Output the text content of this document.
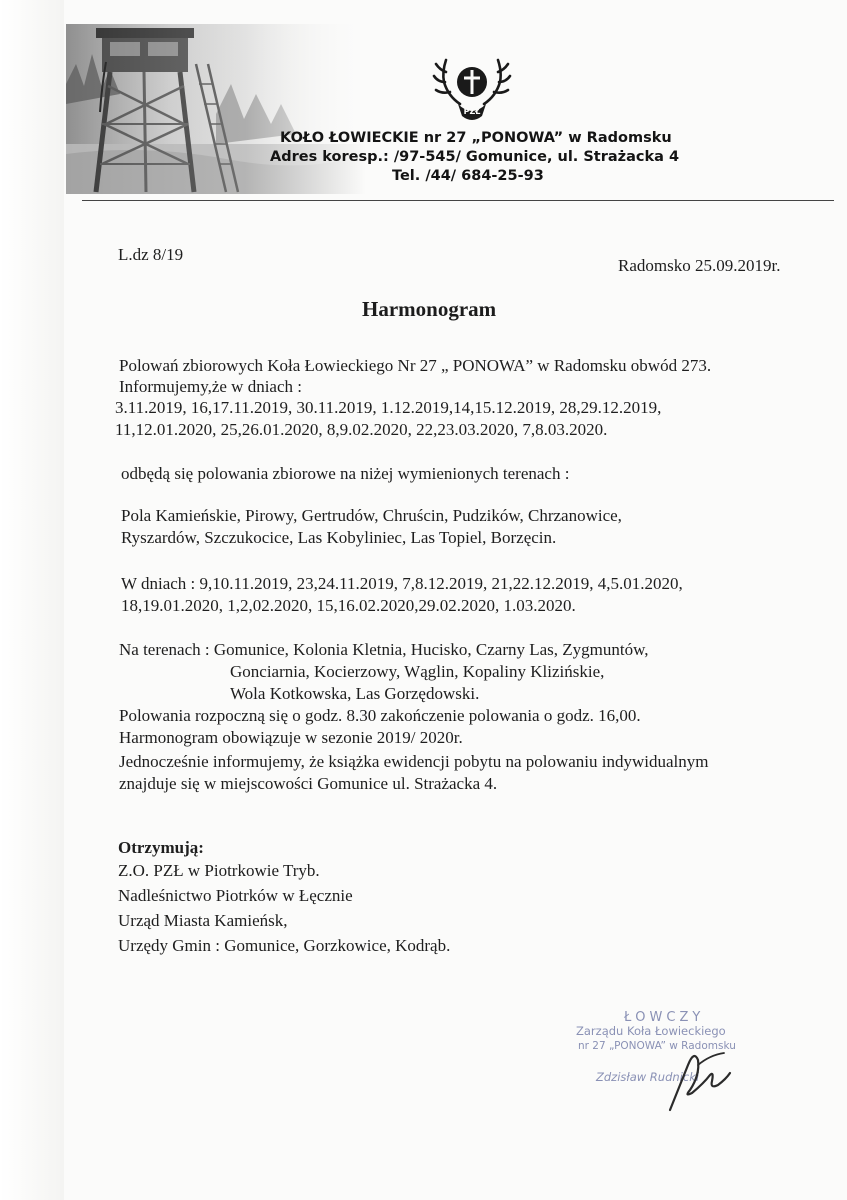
PZŁ
KOŁO ŁOWIECKIE nr 27 „PONOWA” w Radomsku
Adres koresp.: /97-545/ Gomunice, ul. Strażacka 4
Tel. /44/ 684-25-93
L.dz 8/19
Radomsko 25.09.2019r.
Harmonogram
Polowań zbiorowych Koła Łowieckiego Nr 27 „ PONOWA” w Radomsku obwód 273.
Informujemy,że w dniach :
3.11.2019, 16,17.11.2019, 30.11.2019, 1.12.2019,14,15.12.2019, 28,29.12.2019,
11,12.01.2020, 25,26.01.2020, 8,9.02.2020, 22,23.03.2020, 7,8.03.2020.
odbędą się polowania zbiorowe na niżej wymienionych terenach :
Pola Kamieńskie, Pirowy, Gertrudów, Chruścin, Pudzików, Chrzanowice,
Ryszardów, Szczukocice, Las Kobyliniec, Las Topiel, Borzęcin.
W dniach : 9,10.11.2019, 23,24.11.2019, 7,8.12.2019, 21,22.12.2019, 4,5.01.2020,
18,19.01.2020, 1,2,02.2020, 15,16.02.2020,29.02.2020, 1.03.2020.
Na terenach : Gomunice, Kolonia Kletnia, Hucisko, Czarny Las, Zygmuntów,
Gonciarnia, Kocierzowy, Wąglin, Kopaliny Klizińskie,
Wola Kotkowska, Las Gorzędowski.
Polowania rozpoczną się o godz. 8.30 zakończenie polowania o godz. 16,00.
Harmonogram obowiązuje w sezonie 2019/ 2020r.
Jednocześnie informujemy, że książka ewidencji pobytu na polowaniu indywidualnym
znajduje się w miejscowości Gomunice ul. Strażacka 4.
Otrzymują:
Z.O. PZŁ w Piotrkowie Tryb.
Nadleśnictwo Piotrków w Łęcznie
Urząd Miasta Kamieńsk,
Urzędy Gmin : Gomunice, Gorzkowice, Kodrąb.
ŁOWCZY
Zarządu Koła Łowieckiego
nr 27 „PONOWA” w Radomsku
Zdzisław Rudnicki
